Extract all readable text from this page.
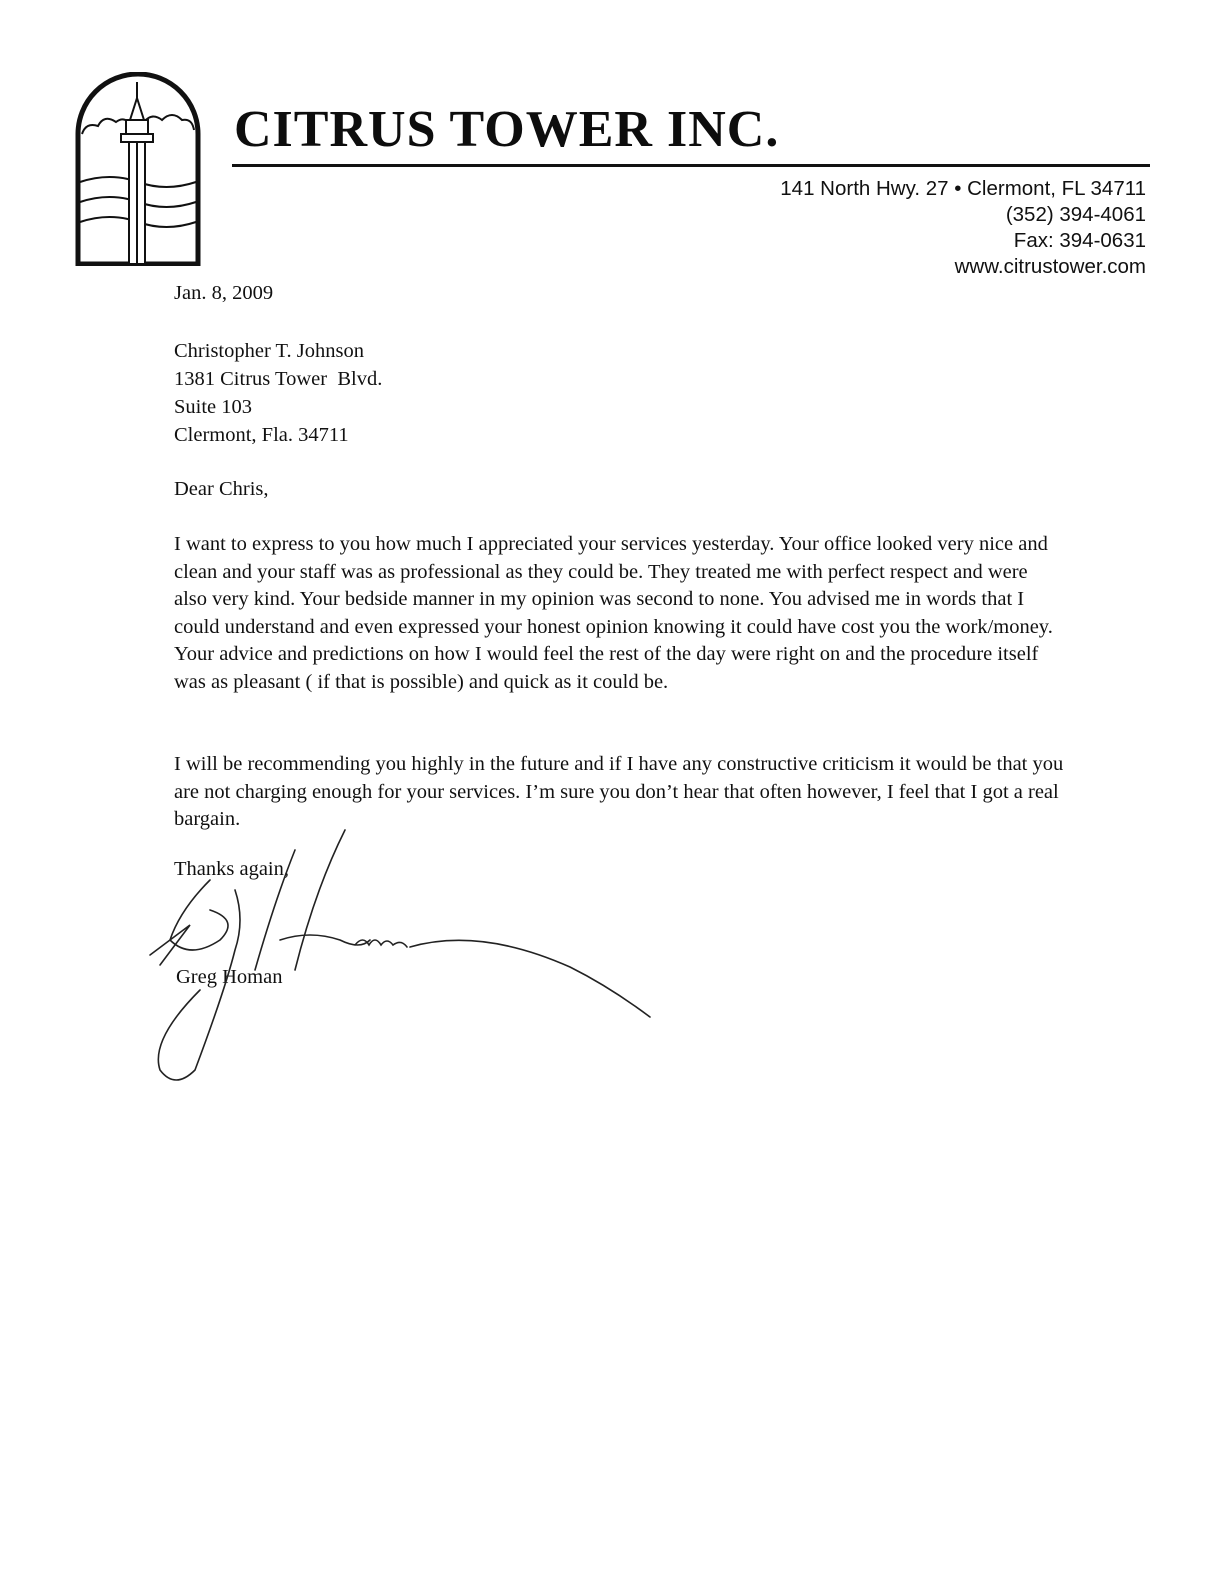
CITRUS TOWER INC.
141 North Hwy. 27 • Clermont, FL 34711
(352) 394-4061
Fax: 394-0631
www.citrustower.com
Jan. 8, 2009
Christopher T. Johnson
1381 Citrus Tower  Blvd.
Suite 103
Clermont, Fla. 34711
Dear Chris,

I want to express to you how much I appreciated your services yesterday. Your office looked very nice and clean and your staff was as professional as they could be. They treated me with perfect respect and were also very kind. Your bedside manner in my opinion was second to none. You advised me in words that I could understand and even expressed your honest opinion knowing it could have cost you the work/money. Your advice and predictions on how I would feel the rest of the day were right on and the procedure itself was as pleasant ( if that is possible) and quick as it could be.

I will be recommending you highly in the future and if I have any constructive criticism it would be that you are not charging enough for your services. I’m sure you don’t hear that often however, I feel that I got a real bargain.

Thanks again,
Greg Homan
